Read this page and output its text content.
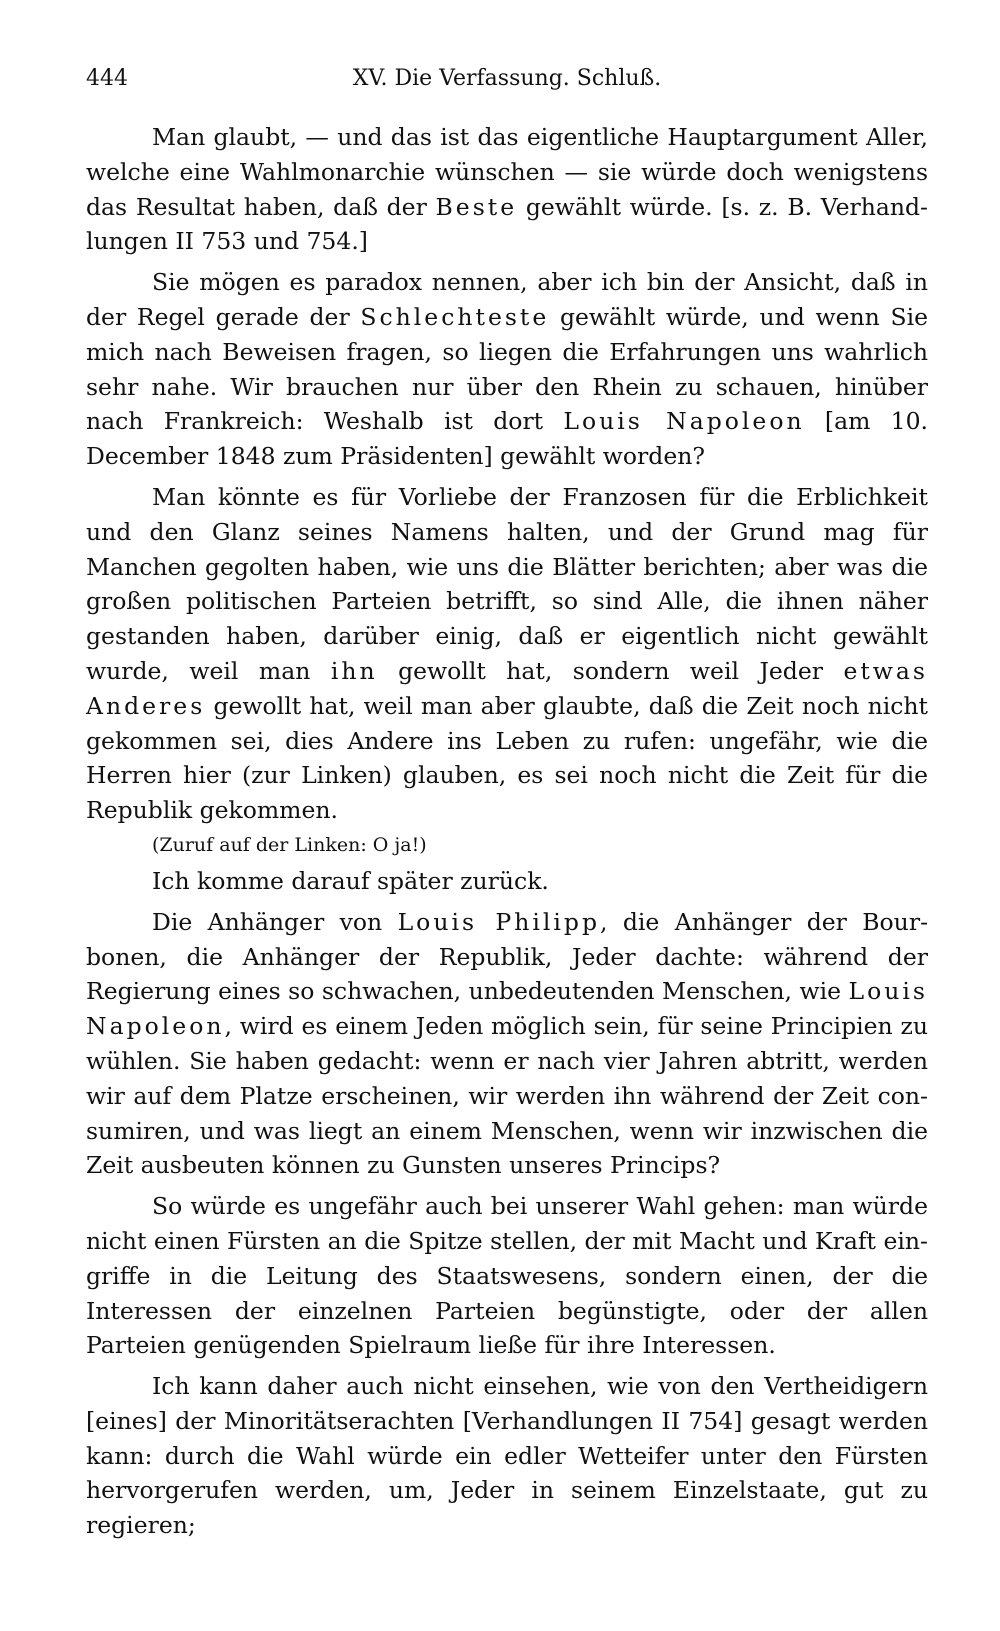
444	XV. Die Verfassung. Schluß.

Man glaubt, — und das ist das eigentliche Hauptargument Aller, welche eine Wahlmonarchie wünschen — sie würde doch wenigstens das Resultat haben, daß der Beste gewählt würde. [s. z. B. Verhandlungen II 753 und 754.]

Sie mögen es paradox nennen, aber ich bin der Ansicht, daß in der Regel gerade der Schlechteste gewählt würde, und wenn Sie mich nach Beweisen fragen, so liegen die Erfahrungen uns wahrlich sehr nahe. Wir brauchen nur über den Rhein zu schauen, hinüber nach Frankreich: Weshalb ist dort Louis Napoleon [am 10. December 1848 zum Präsidenten] gewählt worden?

Man könnte es für Vorliebe der Franzosen für die Erblichkeit und den Glanz seines Namens halten, und der Grund mag für Manchen gegolten haben, wie uns die Blätter berichten; aber was die großen politischen Parteien betrifft, so sind Alle, die ihnen näher gestanden haben, darüber einig, daß er eigentlich nicht gewählt wurde, weil man ihn gewollt hat, sondern weil Jeder etwas Anderes gewollt hat, weil man aber glaubte, daß die Zeit noch nicht gekommen sei, dies Andere ins Leben zu rufen: ungefähr, wie die Herren hier (zur Linken) glauben, es sei noch nicht die Zeit für die Republik gekommen.

(Zuruf auf der Linken: O ja!)

Ich komme darauf später zurück.

Die Anhänger von Louis Philipp, die Anhänger der Bourbonen, die Anhänger der Republik, Jeder dachte: während der Regierung eines so schwachen, unbedeutenden Menschen, wie Louis Napoleon, wird es einem Jeden möglich sein, für seine Principien zu wühlen. Sie haben gedacht: wenn er nach vier Jahren abtritt, werden wir auf dem Platze erscheinen, wir werden ihn während der Zeit consumiren, und was liegt an einem Menschen, wenn wir inzwischen die Zeit ausbeuten können zu Gunsten unseres Princips?

So würde es ungefähr auch bei unserer Wahl gehen: man würde nicht einen Fürsten an die Spitze stellen, der mit Macht und Kraft eingriffe in die Leitung des Staatswesens, sondern einen, der die Interessen der einzelnen Parteien begünstigte, oder der allen Parteien genügenden Spielraum ließe für ihre Interessen.

Ich kann daher auch nicht einsehen, wie von den Vertheidigern [eines] der Minoritätserachten [Verhandlungen II 754] gesagt werden kann: durch die Wahl würde ein edler Wetteifer unter den Fürsten hervorgerufen werden, um, Jeder in seinem Einzelstaate, gut zu regieren;
